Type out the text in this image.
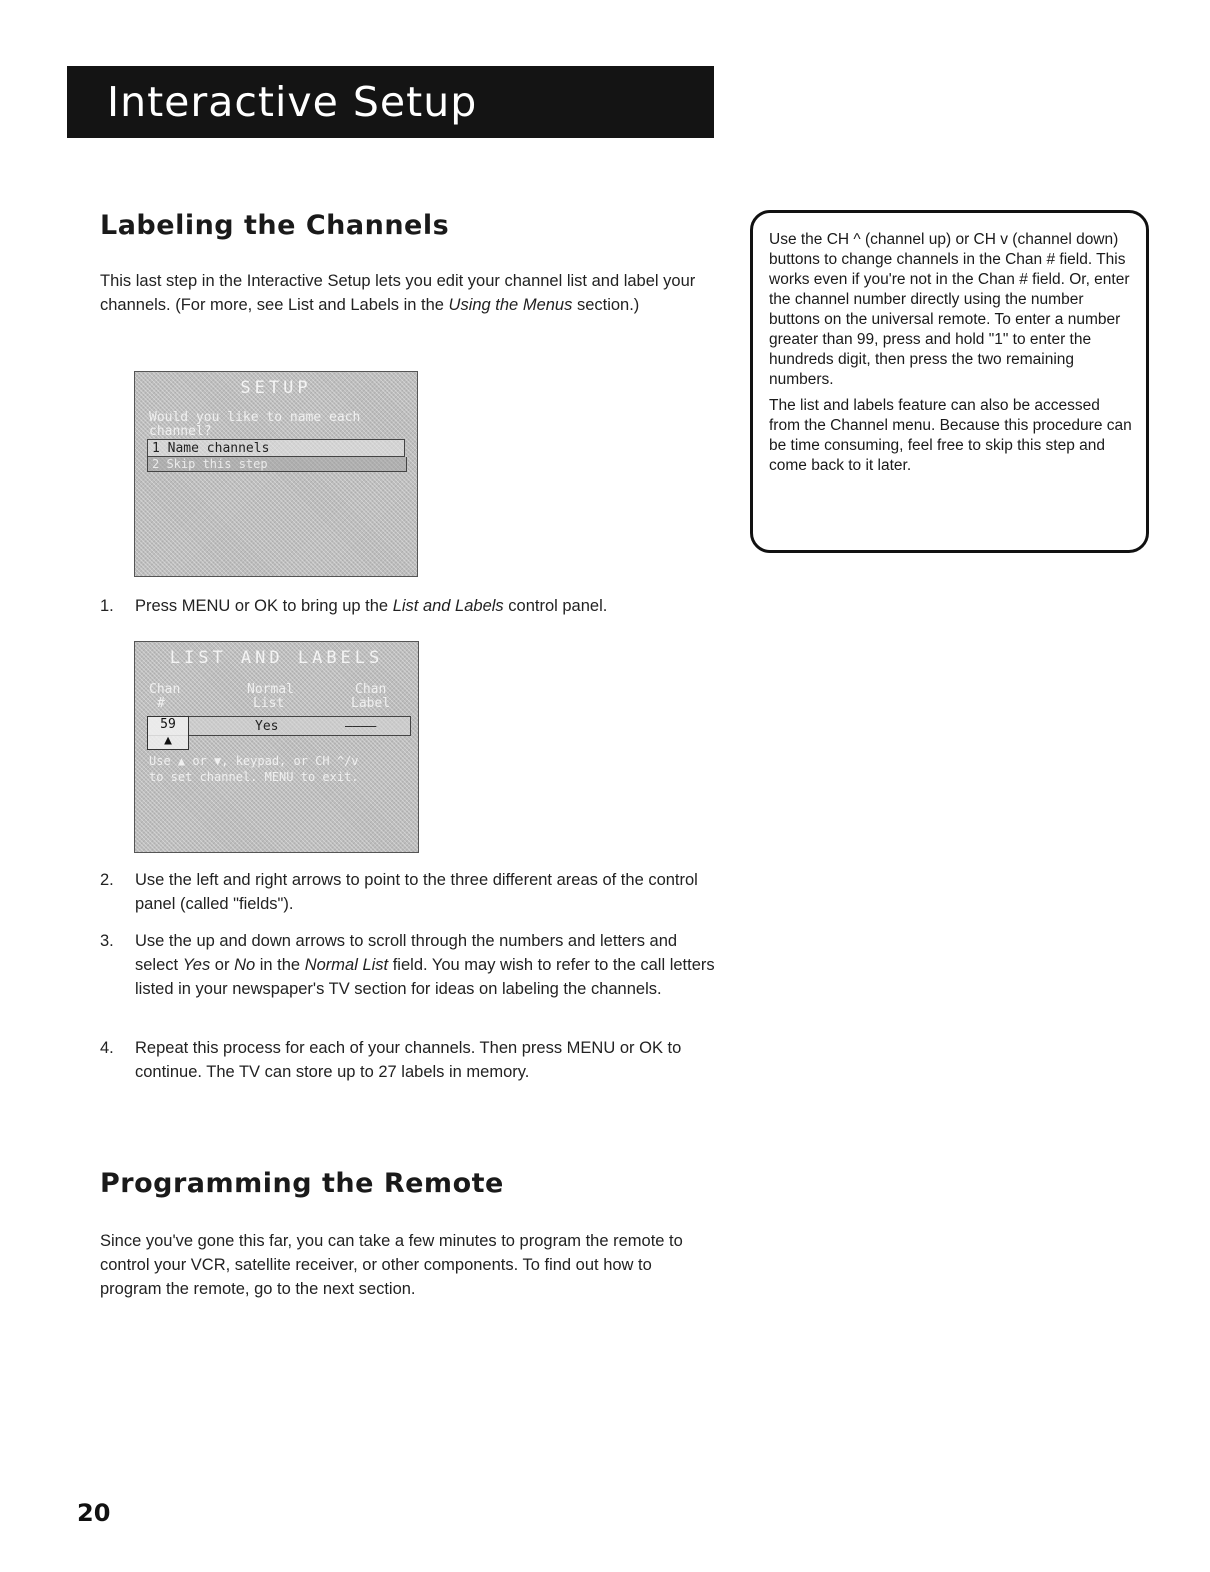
Interactive Setup
Labeling the Channels

This last step in the Interactive Setup lets you edit your channel list and label your channels. (For more, see List and Labels in the Using the Menus section.)

SETUP
Would you like to name each
channel?
1 Name channels
2 Skip this step
1. Press MENU or OK to bring up the List and Labels control panel.
LIST AND LABELS
Chan
#
Normal
List
Chan
Label
59
▲
Yes	————
Use ▲ or ▼, keypad, or CH ^/v
to set channel. MENU to exit.
2. Use the left and right arrows to point to the three different areas of the control panel (called "fields").
3. Use the up and down arrows to scroll through the numbers and letters and select Yes or No in the Normal List field. You may wish to refer to the call letters listed in your newspaper's TV section for ideas on labeling the channels.
4. Repeat this process for each of your channels. Then press MENU or OK to continue. The TV can store up to 27 labels in memory.

Use the CH ^ (channel up) or CH v (channel down) buttons to change channels in the Chan # field. This works even if you're not in the Chan # field. Or, enter the channel number directly using the number buttons on the universal remote. To enter a number greater than 99, press and hold "1" to enter the hundreds digit, then press the two remaining numbers.

The list and labels feature can also be accessed from the Channel menu. Because this procedure can be time consuming, feel free to skip this step and come back to it later.

Programming the Remote

Since you've gone this far, you can take a few minutes to program the remote to control your VCR, satellite receiver, or other components. To find out how to program the remote, go to the next section.

20
